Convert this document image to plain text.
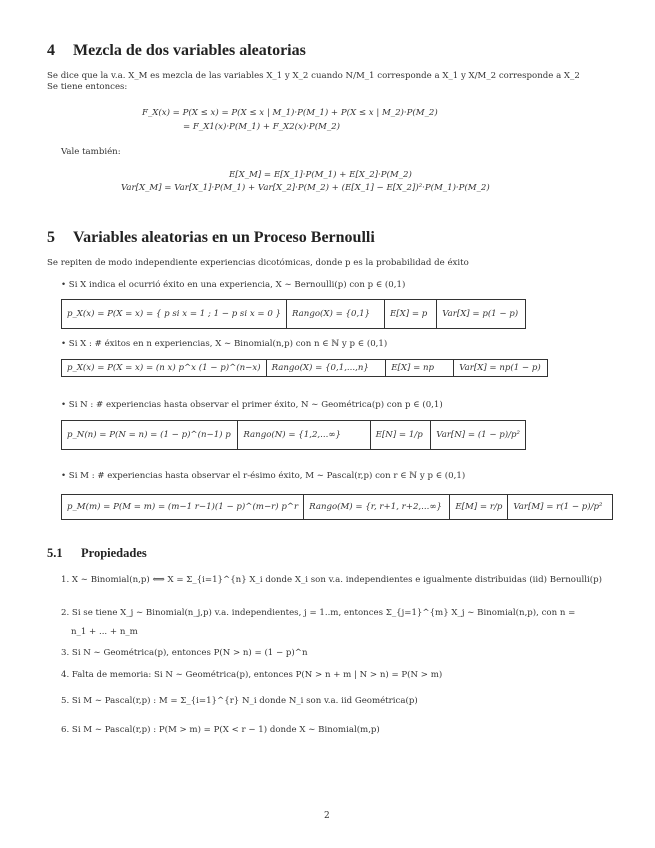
4 Mezcla de dos variables aleatorias
Se dice que la v.a. X_M es mezcla de las variables X_1 y X_2 cuando N/M_1 corresponde a X_1 y X/M_2 corresponde a X_2
Se tiene entonces:
F_X(x) = P(X ≤ x) = P(X ≤ x | M_1)·P(M_1) + P(X ≤ x | M_2)·P(M_2)
= F_X1(x)·P(M_1) + F_X2(x)·P(M_2)
Vale también:
E[X_M] = E[X_1]·P(M_1) + E[X_2]·P(M_2)
Var[X_M] = Var[X_1]·P(M_1) + Var[X_2]·P(M_2) + (E[X_1] − E[X_2])²·P(M_1)·P(M_2)
5 Variables aleatorias en un Proceso Bernoulli
Se repiten de modo independiente experiencias dicotómicas, donde p es la probabilidad de éxito
• Si X indica el ocurrió éxito en una experiencia, X ∼ Bernoulli(p) con p ∈ (0,1)
p_X(x) = P(X = x) = { p si x = 1 ; 1 − p si x = 0 }	Rango(X) = {0,1}	E[X] = p	Var[X] = p(1 − p)
• Si X : # éxitos en n experiencias, X ∼ Binomial(n,p) con n ∈ ℕ y p ∈ (0,1)
p_X(x) = P(X = x) = (n x) p^x (1 − p)^(n−x)	Rango(X) = {0,1,...,n}	E[X] = np	Var[X] = np(1 − p)
• Si N : # experiencias hasta observar el primer éxito, N ∼ Geométrica(p) con p ∈ (0,1)
p_N(n) = P(N = n) = (1 − p)^(n−1) p	Rango(N) = {1,2,...∞}	E[N] = 1/p	Var[N] = (1 − p)/p²
• Si M : # experiencias hasta observar el r-ésimo éxito, M ∼ Pascal(r,p) con r ∈ ℕ y p ∈ (0,1)
p_M(m) = P(M = m) = (m−1 r−1)(1 − p)^(m−r) p^r	Rango(M) = {r, r+1, r+2,...∞}	E[M] = r/p	Var[M] = r(1 − p)/p²
5.1 Propiedades
1. X ∼ Binomial(n,p) ⟺ X = Σ_{i=1}^{n} X_i donde X_i son v.a. independientes e igualmente distribuidas (iid) Bernoulli(p)
2. Si se tiene X_j ∼ Binomial(n_j,p) v.a. independientes, j = 1..m, entonces Σ_{j=1}^{m} X_j ∼ Binomial(n,p), con n =
n_1 + ... + n_m
3. Si N ∼ Geométrica(p), entonces P(N > n) = (1 − p)^n
4. Falta de memoria: Si N ∼ Geométrica(p), entonces P(N > n + m | N > n) = P(N > m)
5. Si M ∼ Pascal(r,p) : M = Σ_{i=1}^{r} N_i donde N_i son v.a. iid Geométrica(p)
6. Si M ∼ Pascal(r,p) : P(M > m) = P(X < r − 1) donde X ∼ Binomial(m,p)
2
